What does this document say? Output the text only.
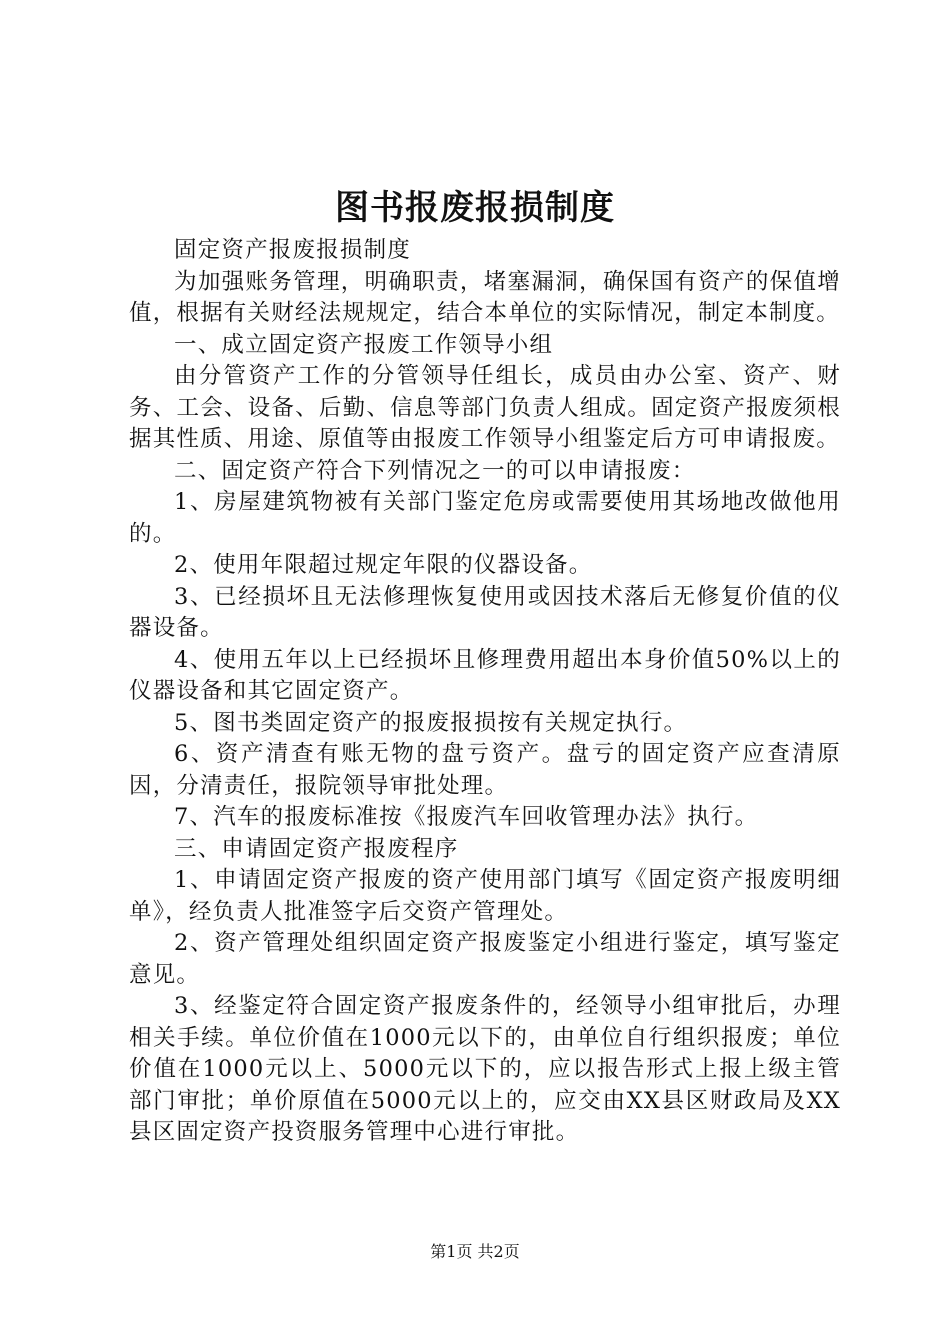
图书报废报损制度

固定资产报废报损制度

为加强账务管理，明确职责，堵塞漏洞，确保国有资产的保值增值，根据有关财经法规规定，结合本单位的实际情况，制定本制度。

一、成立固定资产报废工作领导小组

由分管资产工作的分管领导任组长，成员由办公室、资产、财务、工会、设备、后勤、信息等部门负责人组成。固定资产报废须根据其性质、用途、原值等由报废工作领导小组鉴定后方可申请报废。

二、固定资产符合下列情况之一的可以申请报废：

1、房屋建筑物被有关部门鉴定危房或需要使用其场地改做他用的。

2、使用年限超过规定年限的仪器设备。

3、已经损坏且无法修理恢复使用或因技术落后无修复价值的仪器设备。

4、使用五年以上已经损坏且修理费用超出本身价值50%以上的仪器设备和其它固定资产。

5、图书类固定资产的报废报损按有关规定执行。

6、资产清查有账无物的盘亏资产。盘亏的固定资产应查清原因，分清责任，报院领导审批处理。

7、汽车的报废标准按《报废汽车回收管理办法》执行。

三、申请固定资产报废程序

1、申请固定资产报废的资产使用部门填写《固定资产报废明细单》，经负责人批准签字后交资产管理处。

2、资产管理处组织固定资产报废鉴定小组进行鉴定，填写鉴定意见。

3、经鉴定符合固定资产报废条件的，经领导小组审批后，办理相关手续。单位价值在1000元以下的，由单位自行组织报废；单位价值在1000元以上、5000元以下的，应以报告形式上报上级主管部门审批；单价原值在5000元以上的，应交由XX县区财政局及XX县区固定资产投资服务管理中心进行审批。

第1页 共2页
